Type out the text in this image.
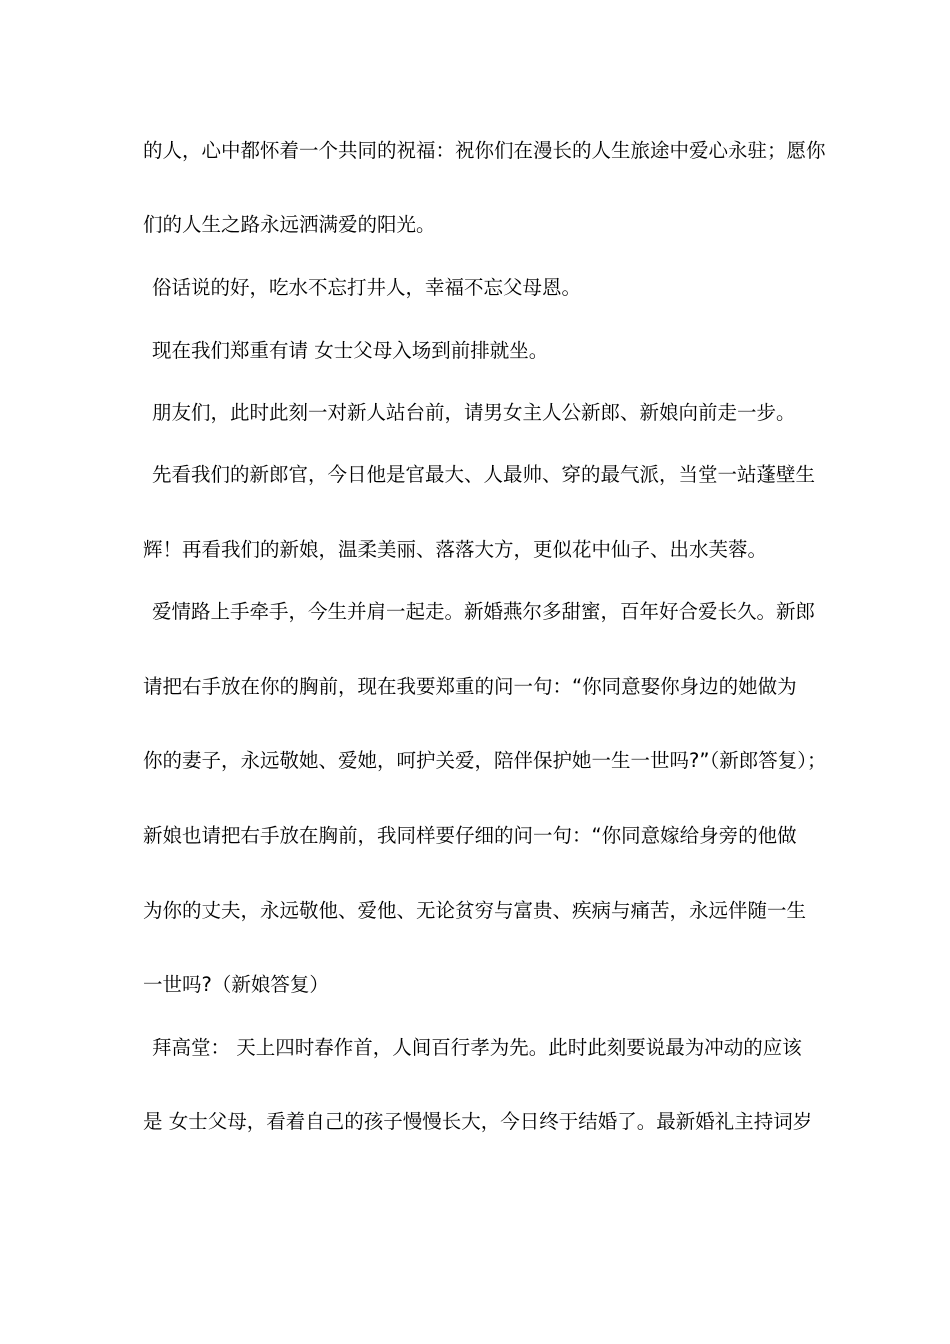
的人，心中都怀着一个共同的祝福：祝你们在漫长的人生旅途中爱心永驻；愿你
们的人生之路永远洒满爱的阳光。
俗话说的好，吃水不忘打井人，幸福不忘父母恩。
现在我们郑重有请 女士父母入场到前排就坐。
朋友们，此时此刻一对新人站台前，请男女主人公新郎、新娘向前走一步。
先看我们的新郎官，今日他是官最大、人最帅、穿的最气派，当堂一站蓬壁生
辉！再看我们的新娘，温柔美丽、落落大方，更似花中仙子、出水芙蓉。
爱情路上手牵手，今生并肩一起走。新婚燕尔多甜蜜，百年好合爱长久。新郎
请把右手放在你的胸前，现在我要郑重的问一句：“你同意娶你身边的她做为
你的妻子，永远敬她、爱她，呵护关爱，陪伴保护她一生一世吗?”（新郎答复）；
新娘也请把右手放在胸前，我同样要仔细的问一句：“你同意嫁给身旁的他做
为你的丈夫，永远敬他、爱他、无论贫穷与富贵、疾病与痛苦，永远伴随一生
一世吗?（新娘答复）
拜高堂： 天上四时春作首，人间百行孝为先。此时此刻要说最为冲动的应该
是 女士父母，看着自己的孩子慢慢长大，今日终于结婚了。最新婚礼主持词岁
